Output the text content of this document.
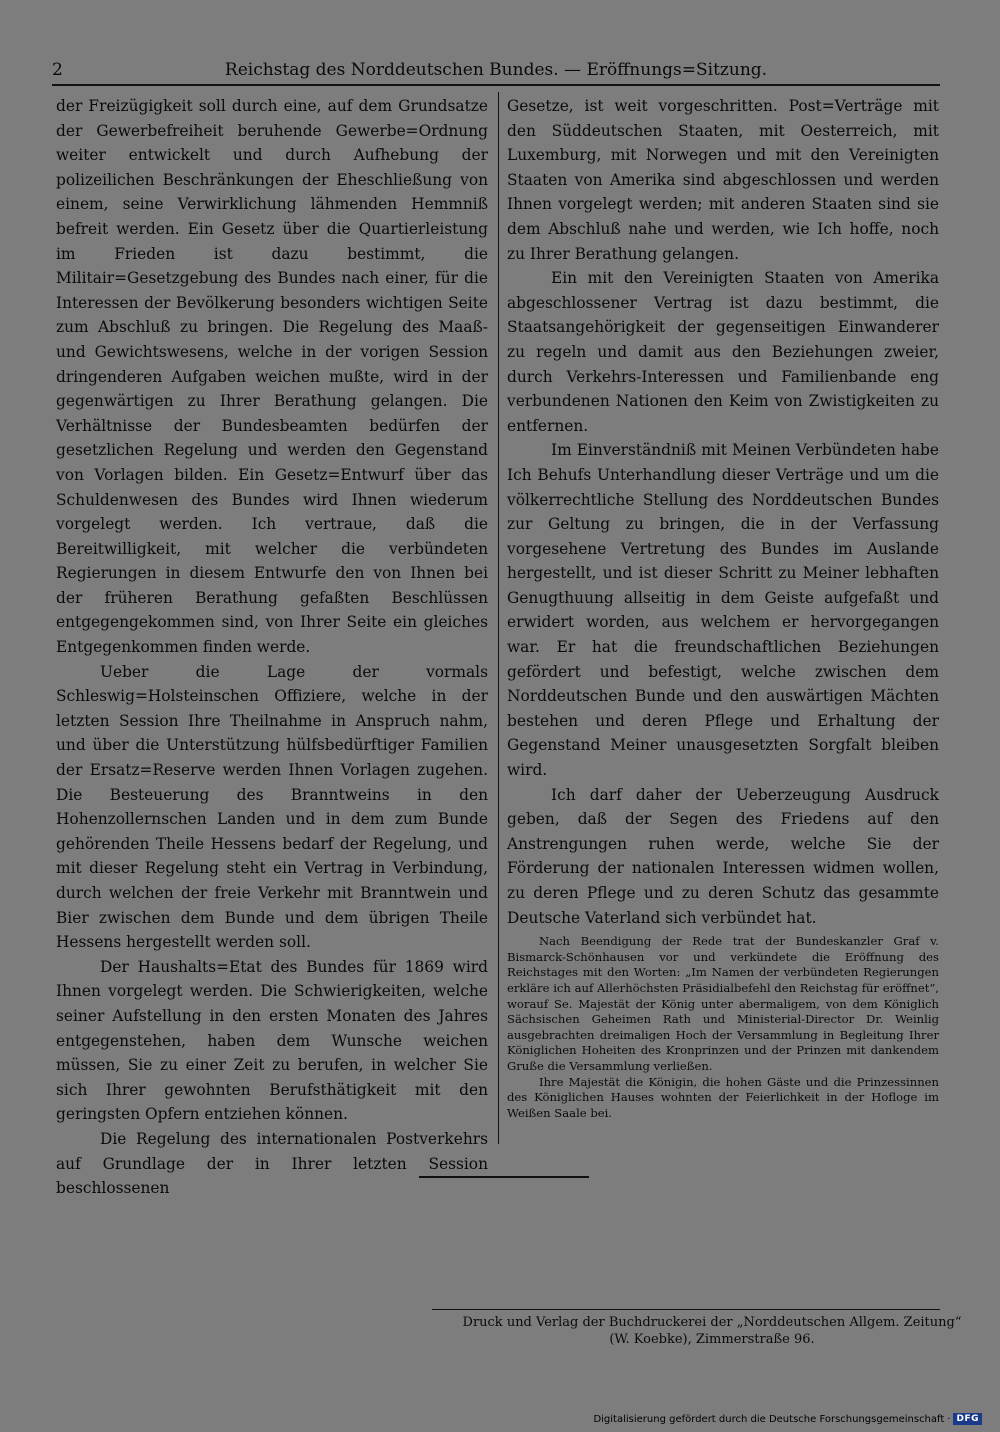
2	Reichstag des Norddeutschen Bundes. — Eröffnungs=Sitzung.

der Freizügigkeit soll durch eine, auf dem Grundsatze der Gewerbefreiheit beruhende Gewerbe=Ordnung weiter entwickelt und durch Aufhebung der polizeilichen Beschränkungen der Eheschließung von einem, seine Verwirklichung lähmenden Hemmniß befreit werden. Ein Gesetz über die Quartierleistung im Frieden ist dazu bestimmt, die Militair=Gesetzgebung des Bundes nach einer, für die Interessen der Bevölkerung besonders wichtigen Seite zum Abschluß zu bringen. Die Regelung des Maaß- und Gewichtswesens, welche in der vorigen Session dringenderen Aufgaben weichen mußte, wird in der gegenwärtigen zu Ihrer Berathung gelangen. Die Verhältnisse der Bundesbeamten bedürfen der gesetzlichen Regelung und werden den Gegenstand von Vorlagen bilden. Ein Gesetz=Entwurf über das Schuldenwesen des Bundes wird Ihnen wiederum vorgelegt werden. Ich vertraue, daß die Bereitwilligkeit, mit welcher die verbündeten Regierungen in diesem Entwurfe den von Ihnen bei der früheren Berathung gefaßten Beschlüssen entgegengekommen sind, von Ihrer Seite ein gleiches Entgegenkommen finden werde.

Ueber die Lage der vormals Schleswig=Holsteinschen Offiziere, welche in der letzten Session Ihre Theilnahme in Anspruch nahm, und über die Unterstützung hülfsbedürftiger Familien der Ersatz=Reserve werden Ihnen Vorlagen zugehen. Die Besteuerung des Branntweins in den Hohenzollernschen Landen und in dem zum Bunde gehörenden Theile Hessens bedarf der Regelung, und mit dieser Regelung steht ein Vertrag in Verbindung, durch welchen der freie Verkehr mit Branntwein und Bier zwischen dem Bunde und dem übrigen Theile Hessens hergestellt werden soll.

Der Haushalts=Etat des Bundes für 1869 wird Ihnen vorgelegt werden. Die Schwierigkeiten, welche seiner Aufstellung in den ersten Monaten des Jahres entgegenstehen, haben dem Wunsche weichen müssen, Sie zu einer Zeit zu berufen, in welcher Sie sich Ihrer gewohnten Berufsthätigkeit mit den geringsten Opfern entziehen können.

Die Regelung des internationalen Postverkehrs auf Grundlage der in Ihrer letzten Session beschlossenen

Gesetze, ist weit vorgeschritten. Post=Verträge mit den Süddeutschen Staaten, mit Oesterreich, mit Luxemburg, mit Norwegen und mit den Vereinigten Staaten von Amerika sind abgeschlossen und werden Ihnen vorgelegt werden; mit anderen Staaten sind sie dem Abschluß nahe und werden, wie Ich hoffe, noch zu Ihrer Berathung gelangen.

Ein mit den Vereinigten Staaten von Amerika abgeschlossener Vertrag ist dazu bestimmt, die Staatsangehörigkeit der gegenseitigen Einwanderer zu regeln und damit aus den Beziehungen zweier, durch Verkehrs-Interessen und Familienbande eng verbundenen Nationen den Keim von Zwistigkeiten zu entfernen.

Im Einverständniß mit Meinen Verbündeten habe Ich Behufs Unterhandlung dieser Verträge und um die völkerrechtliche Stellung des Norddeutschen Bundes zur Geltung zu bringen, die in der Verfassung vorgesehene Vertretung des Bundes im Auslande hergestellt, und ist dieser Schritt zu Meiner lebhaften Genugthuung allseitig in dem Geiste aufgefaßt und erwidert worden, aus welchem er hervorgegangen war. Er hat die freundschaftlichen Beziehungen gefördert und befestigt, welche zwischen dem Norddeutschen Bunde und den auswärtigen Mächten bestehen und deren Pflege und Erhaltung der Gegenstand Meiner unausgesetzten Sorgfalt bleiben wird.

Ich darf daher der Ueberzeugung Ausdruck geben, daß der Segen des Friedens auf den Anstrengungen ruhen werde, welche Sie der Förderung der nationalen Interessen widmen wollen, zu deren Pflege und zu deren Schutz das gesammte Deutsche Vaterland sich verbündet hat.

Nach Beendigung der Rede trat der Bundeskanzler Graf v. Bismarck-Schönhausen vor und verkündete die Eröffnung des Reichstages mit den Worten: „Im Namen der verbündeten Regierungen erkläre ich auf Allerhöchsten Präsidialbefehl den Reichstag für eröffnet“, worauf Se. Majestät der König unter abermaligem, von dem Königlich Sächsischen Geheimen Rath und Ministerial-Director Dr. Weinlig ausgebrachten dreimaligen Hoch der Versammlung in Begleitung Ihrer Königlichen Hoheiten des Kronprinzen und der Prinzen mit dankendem Gruße die Versammlung verließen.

Ihre Majestät die Königin, die hohen Gäste und die Prinzessinnen des Königlichen Hauses wohnten der Feierlichkeit in der Hofloge im Weißen Saale bei.

Druck und Verlag der Buchdruckerei der „Norddeutschen Allgem. Zeitung“
(W. Koebke), Zimmerstraße 96.
Digitalisierung gefördert durch die Deutsche Forschungsgemeinschaft · DFG
